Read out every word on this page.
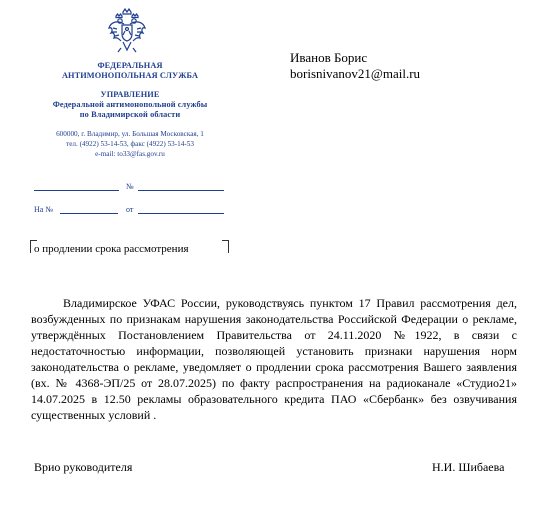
ФЕДЕРАЛЬНАЯ
АНТИМОНОПОЛЬНАЯ СЛУЖБА
УПРАВЛЕНИЕ
Федеральной антимонопольной службы
по Владимирской области
600000, г. Владимир, ул. Большая Московская, 1
тел. (4922) 53-14-53, факс (4922) 53-14-53
e-mail: to33@fas.gov.ru
№
На №	от
Иванов Борис
borisnivanov21@mail.ru
о продлении срока рассмотрения

Владимирское УФАС России, руководствуясь пунктом 17 Правил рассмотрения дел, возбужденных по признакам нарушения законодательства Российской Федерации о рекламе, утверждённых Постановлением Правительства от 24.11.2020 №1922, в связи с недостаточностью информации, позволяющей установить признаки нарушения норм законодательства о рекламе, уведомляет о продлении срока рассмотрения Вашего заявления (вх. № 4368-ЭП/25 от 28.07.2025) по факту распространения на радиоканале «Студио21» 14.07.2025 в 12.50 рекламы образовательного кредита ПАО «Сбербанк» без озвучивания существенных условий .

Врио руководителя	Н.И. Шибаева
